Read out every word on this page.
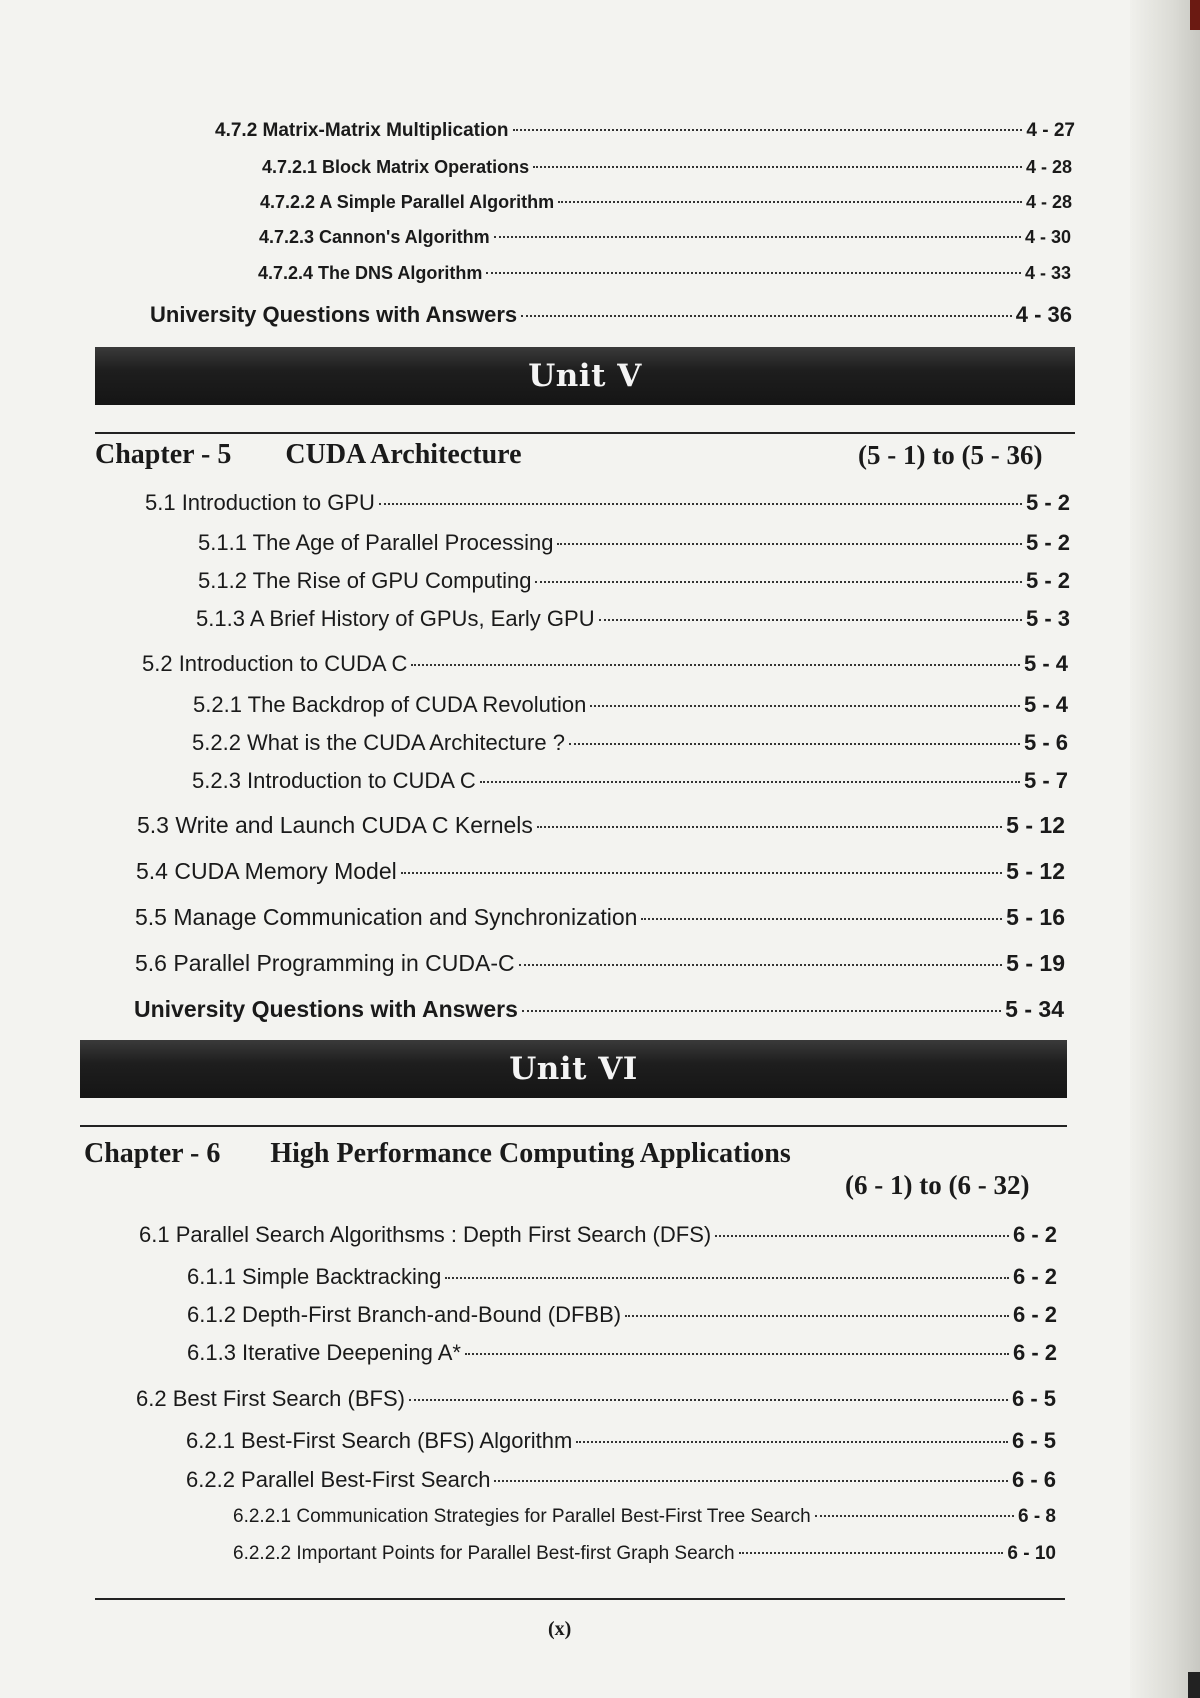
4.7.2 Matrix-Matrix Multiplication	4 - 27
4.7.2.1 Block Matrix Operations	4 - 28
4.7.2.2 A Simple Parallel Algorithm	4 - 28
4.7.2.3 Cannon's Algorithm	4 - 30
4.7.2.4 The DNS Algorithm	4 - 33
University Questions with Answers	4 - 36
Unit V
Chapter - 5 CUDA Architecture	(5 - 1) to (5 - 36)
5.1 Introduction to GPU	5 - 2
5.1.1 The Age of Parallel Processing	5 - 2
5.1.2 The Rise of GPU Computing	5 - 2
5.1.3 A Brief History of GPUs, Early GPU	5 - 3
5.2 Introduction to CUDA C	5 - 4
5.2.1 The Backdrop of CUDA Revolution	5 - 4
5.2.2 What is the CUDA Architecture ?	5 - 6
5.2.3 Introduction to CUDA C	5 - 7
5.3 Write and Launch CUDA C Kernels	5 - 12
5.4 CUDA Memory Model	5 - 12
5.5 Manage Communication and Synchronization	5 - 16
5.6 Parallel Programming in CUDA-C	5 - 19
University Questions with Answers	5 - 34
Unit VI
Chapter - 6 High Performance Computing Applications
(6 - 1) to (6 - 32)
6.1 Parallel Search Algorithsms : Depth First Search (DFS)	6 - 2
6.1.1 Simple Backtracking	6 - 2
6.1.2 Depth-First Branch-and-Bound (DFBB)	6 - 2
6.1.3 Iterative Deepening A*	6 - 2
6.2 Best First Search (BFS)	6 - 5
6.2.1 Best-First Search (BFS) Algorithm	6 - 5
6.2.2 Parallel Best-First Search	6 - 6
6.2.2.1 Communication Strategies for Parallel Best-First Tree Search	6 - 8
6.2.2.2 Important Points for Parallel Best-first Graph Search	6 - 10
(x)
